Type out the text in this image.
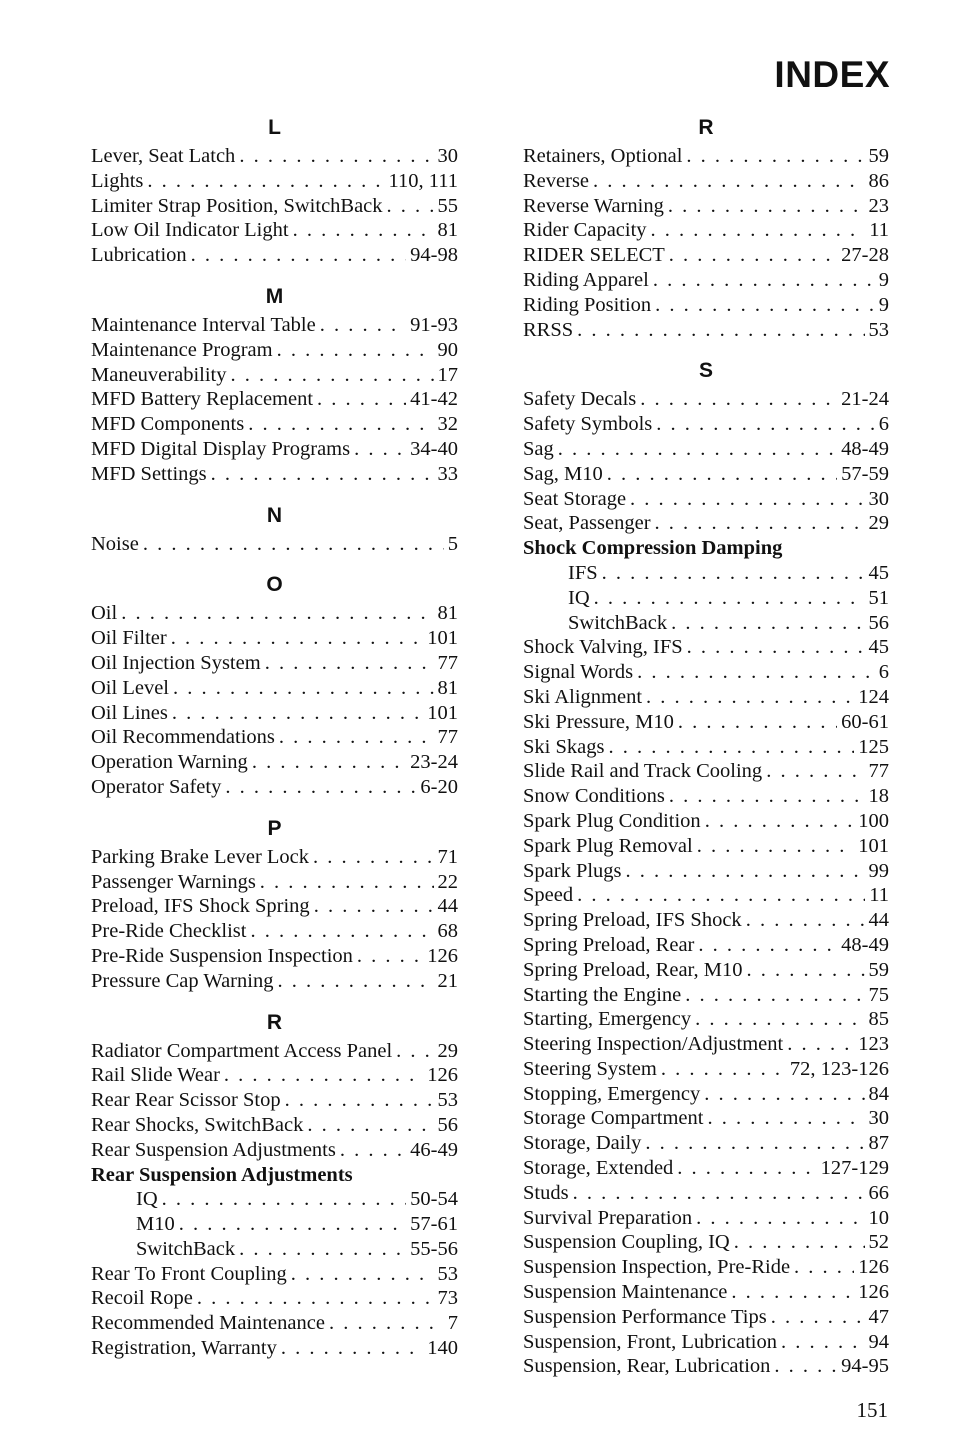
INDEX
L
Lever, Seat Latch . . .	30
Lights . . .	110, 111
Limiter Strap Position, SwitchBack . . .	55
Low Oil Indicator Light . . .	81
Lubrication . . .	94-98
M
Maintenance Interval Table . . .	91-93
Maintenance Program . . .	90
Maneuverability . . .	17
MFD Battery Replacement . . .	41-42
MFD Components . . .	32
MFD Digital Display Programs . . .	34-40
MFD Settings . . .	33
N
Noise . . .	5
O
Oil . . .	81
Oil Filter . . .	101
Oil Injection System . . .	77
Oil Level . . .	81
Oil Lines . . .	101
Oil Recommendations . . .	77
Operation Warning . . .	23-24
Operator Safety . . .	6-20
P
Parking Brake Lever Lock . . .	71
Passenger Warnings . . .	22
Preload, IFS Shock Spring . . .	44
Pre-Ride Checklist . . .	68
Pre-Ride Suspension Inspection . . .	126
Pressure Cap Warning . . .	21
R
Radiator Compartment Access Panel . . . 29
Rail Slide Wear . . .	126
Rear Rear Scissor Stop . . .	53
Rear Shocks, SwitchBack . . .	56
Rear Suspension Adjustments . . .	46-49
Rear Suspension Adjustments
IQ . . .	50-54
M10 . . .	57-61
SwitchBack . . .	55-56
Rear To Front Coupling . . .	53
Recoil Rope . . .	73
Recommended Maintenance . . .	7
Registration, Warranty . . .	140
R
Retainers, Optional . . .	59
Reverse . . .	86
Reverse Warning . . .	23
Rider Capacity . . .	11
RIDER SELECT . . .	27-28
Riding Apparel . . .	9
Riding Position . . .	9
RRSS . . .	53
S
Safety Decals . . .	21-24
Safety Symbols . . .	6
Sag . . .	48-49
Sag, M10 . . .	57-59
Seat Storage . . .	30
Seat, Passenger . . .	29
Shock Compression Damping
IFS . . .	45
IQ . . .	51
SwitchBack . . .	56
Shock Valving, IFS . . .	45
Signal Words . . .	6
Ski Alignment . . .	124
Ski Pressure, M10 . . .	60-61
Ski Skags . . .	125
Slide Rail and Track Cooling . . .	77
Snow Conditions . . .	18
Spark Plug Condition . . .	100
Spark Plug Removal . . .	101
Spark Plugs . . .	99
Speed . . .	11
Spring Preload, IFS Shock . . .	44
Spring Preload, Rear . . .	48-49
Spring Preload, Rear, M10 . . .	59
Starting the Engine . . .	75
Starting, Emergency . . .	85
Steering Inspection/Adjustment . . .	123
Steering System . . .	72, 123-126
Stopping, Emergency . . .	84
Storage Compartment . . .	30
Storage, Daily . . .	87
Storage, Extended . . .	127-129
Studs . . .	66
Survival Preparation . . .	10
Suspension Coupling, IQ . . .	52
Suspension Inspection, Pre-Ride . . .	126
Suspension Maintenance . . .	126
Suspension Performance Tips . . .	47
Suspension, Front, Lubrication . . .	94
Suspension, Rear, Lubrication . . .	94-95
151
